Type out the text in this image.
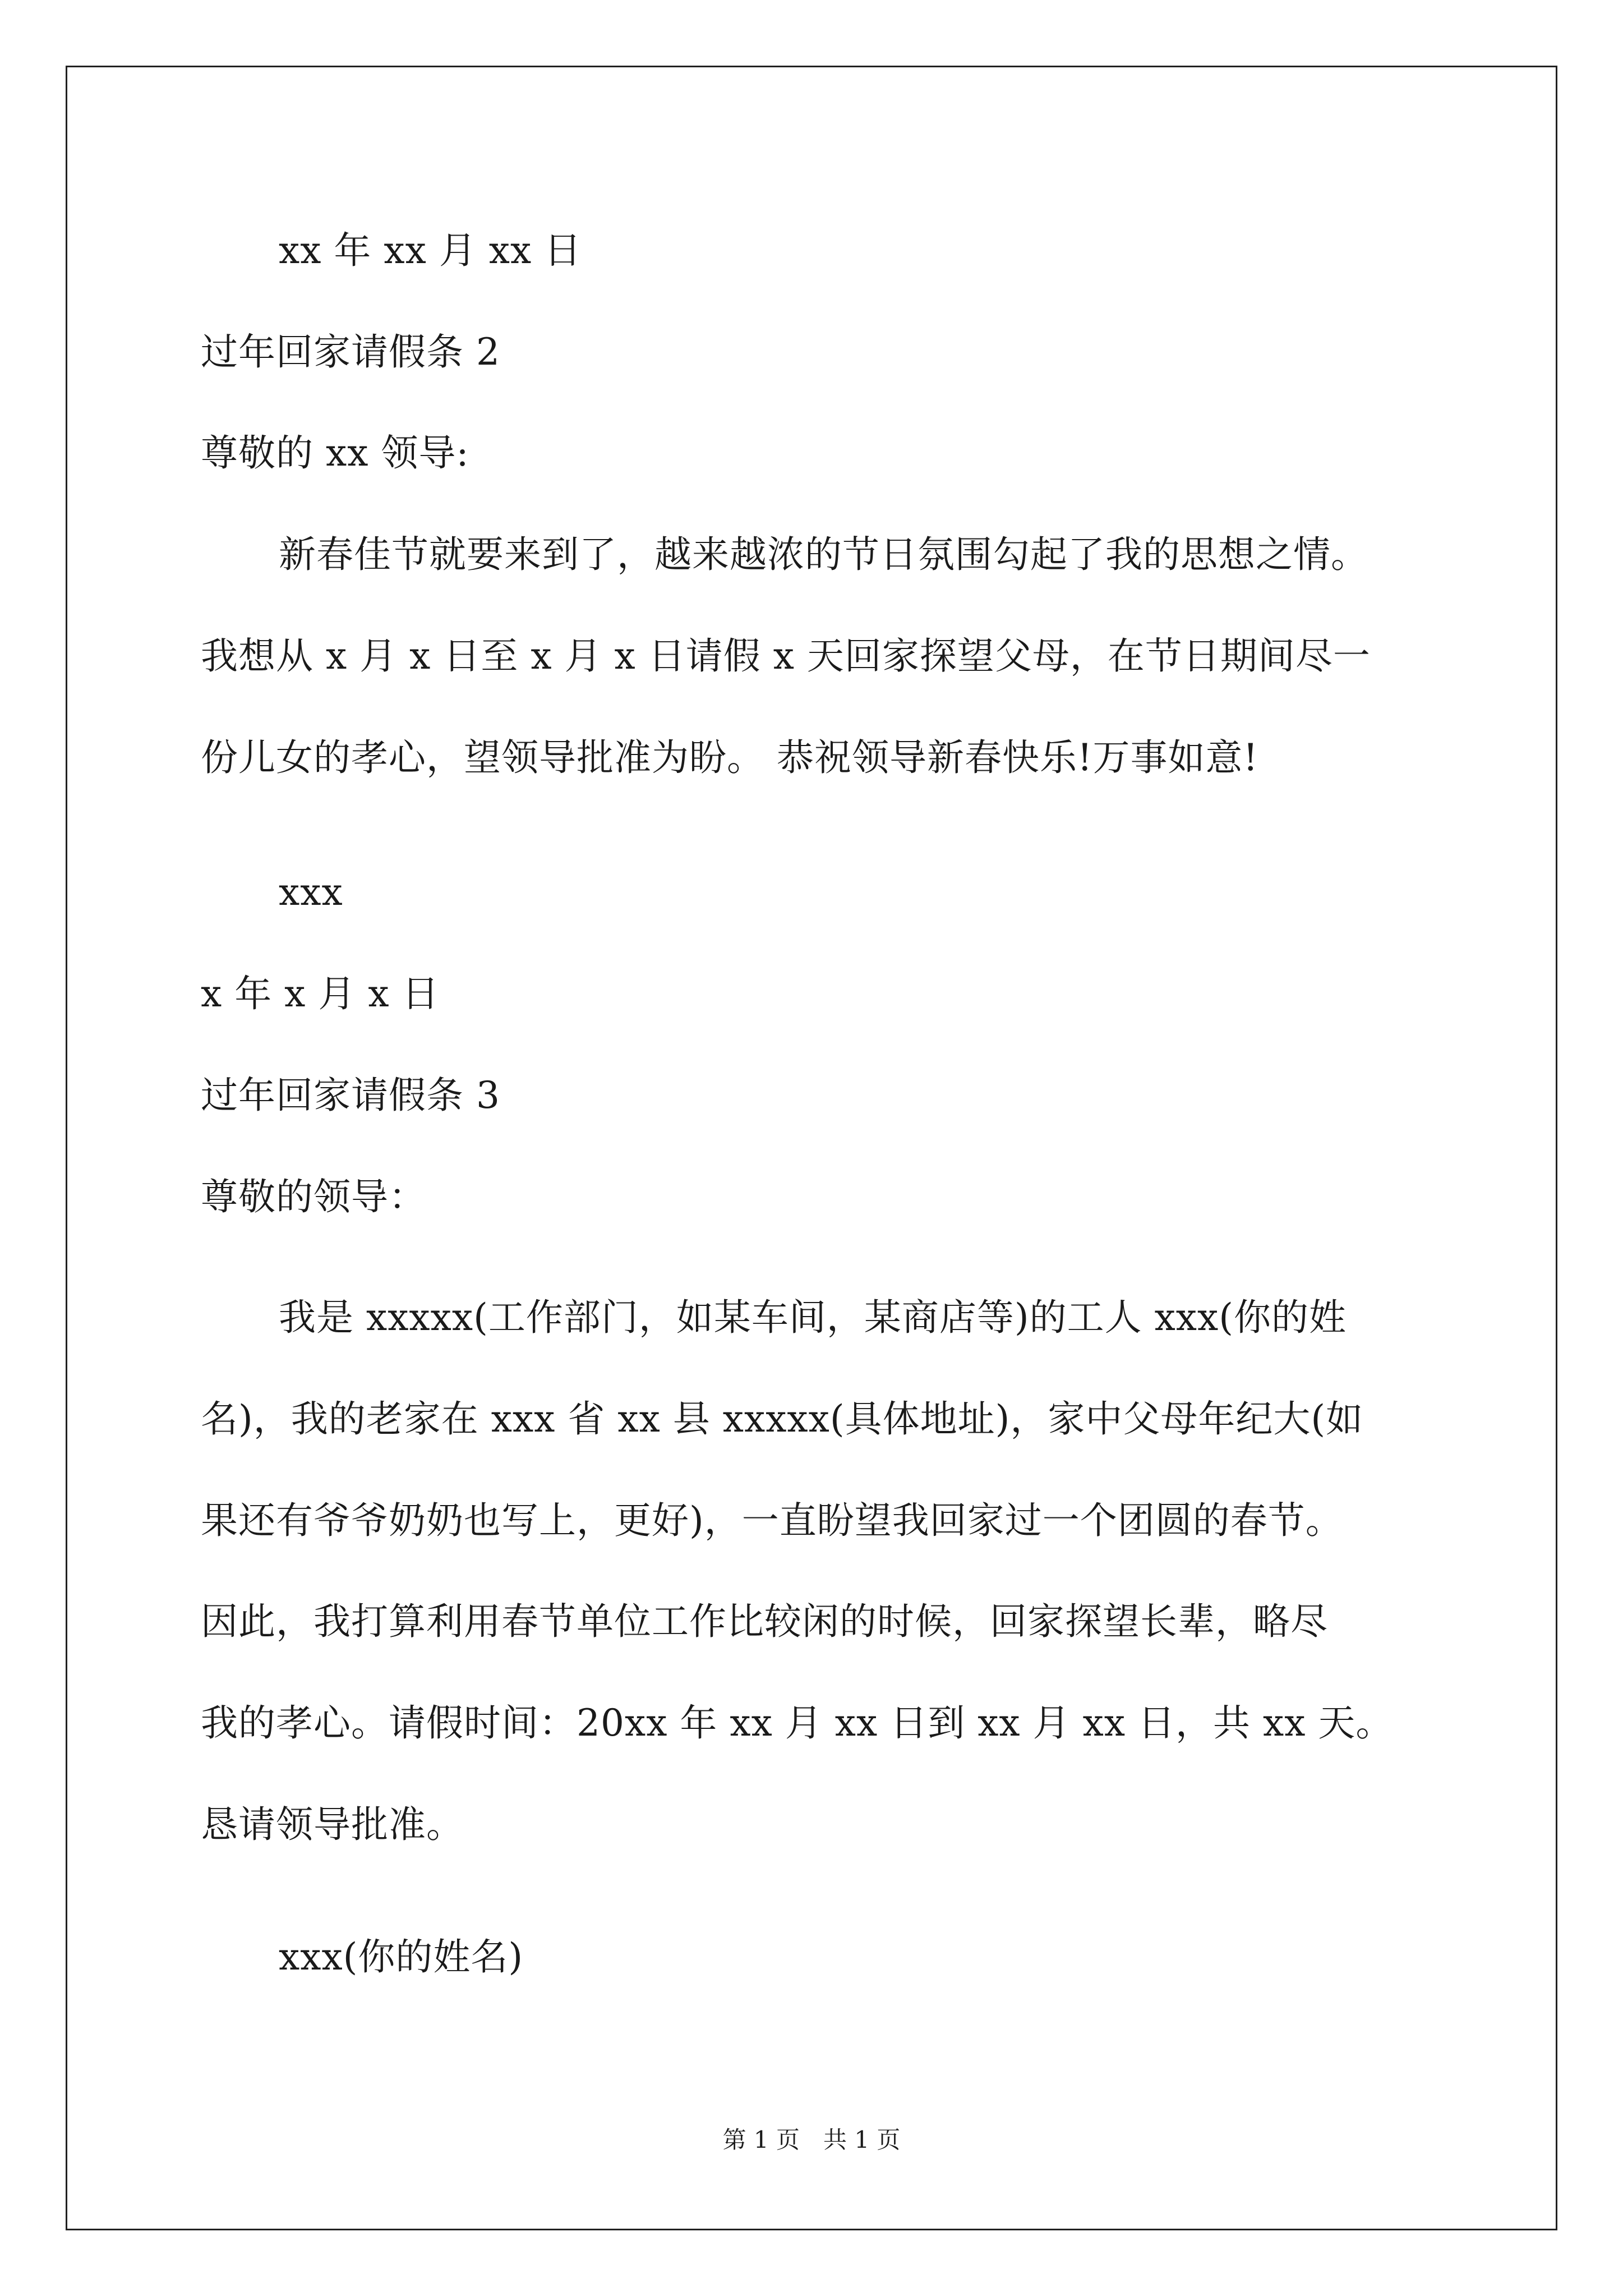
xx 年 xx 月 xx 日
过年回家请假条 2
尊敬的 xx 领导:
新春佳节就要来到了，越来越浓的节日氛围勾起了我的思想之情。
我想从 x 月 x 日至 x 月 x 日请假 x 天回家探望父母，在节日期间尽一
份儿女的孝心，望领导批准为盼。 恭祝领导新春快乐!万事如意!
xxx
x 年 x 月 x 日
过年回家请假条 3
尊敬的领导：
我是 xxxxx(工作部门，如某车间，某商店等)的工人 xxx(你的姓
名)，我的老家在 xxx 省 xx 县 xxxxx(具体地址)，家中父母年纪大(如
果还有爷爷奶奶也写上，更好)，一直盼望我回家过一个团圆的春节。
因此，我打算利用春节单位工作比较闲的时候，回家探望长辈，略尽
我的孝心。请假时间：20xx 年 xx 月 xx 日到 xx 月 xx 日，共 xx 天。
恳请领导批准。
xxx(你的姓名)
第 1 页　共 1 页
